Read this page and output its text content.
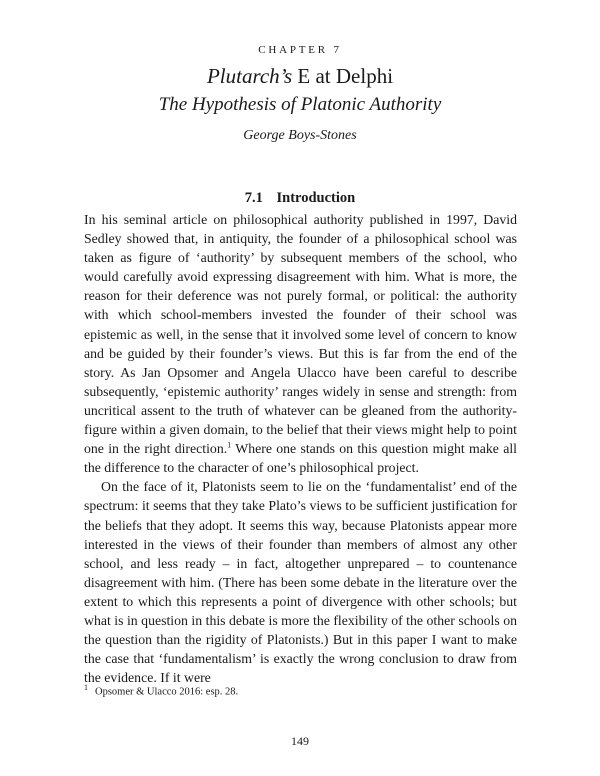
CHAPTER 7
Plutarch’s E at Delphi
The Hypothesis of Platonic Authority
George Boys-Stones
7.1 Introduction

In his seminal article on philosophical authority published in 1997, David Sedley showed that, in antiquity, the founder of a philosophical school was taken as figure of ‘authority’ by subsequent members of the school, who would carefully avoid expressing disagreement with him. What is more, the reason for their deference was not purely formal, or political: the authority with which school-members invested the founder of their school was epistemic as well, in the sense that it involved some level of concern to know and be guided by their founder’s views. But this is far from the end of the story. As Jan Opsomer and Angela Ulacco have been careful to describe subsequently, ‘epistemic authority’ ranges widely in sense and strength: from uncritical assent to the truth of whatever can be gleaned from the authority-figure within a given domain, to the belief that their views might help to point one in the right direction.$^1$ Where one stands on this question might make all the difference to the character of one’s philosophical project.

On the face of it, Platonists seem to lie on the ‘fundamentalist’ end of the spectrum: it seems that they take Plato’s views to be sufficient justification for the beliefs that they adopt. It seems this way, because Platonists appear more interested in the views of their founder than members of almost any other school, and less ready – in fact, altogether unprepared – to countenance disagreement with him. (There has been some debate in the literature over the extent to which this represents a point of divergence with other schools; but what is in question in this debate is more the flexibility of the other schools on the question than the rigidity of Platonists.) But in this paper I want to make the case that ‘fundamentalism’ is exactly the wrong conclusion to draw from the evidence. If it were

$^1$ Opsomer & Ulacco 2016: esp. 28.
149
